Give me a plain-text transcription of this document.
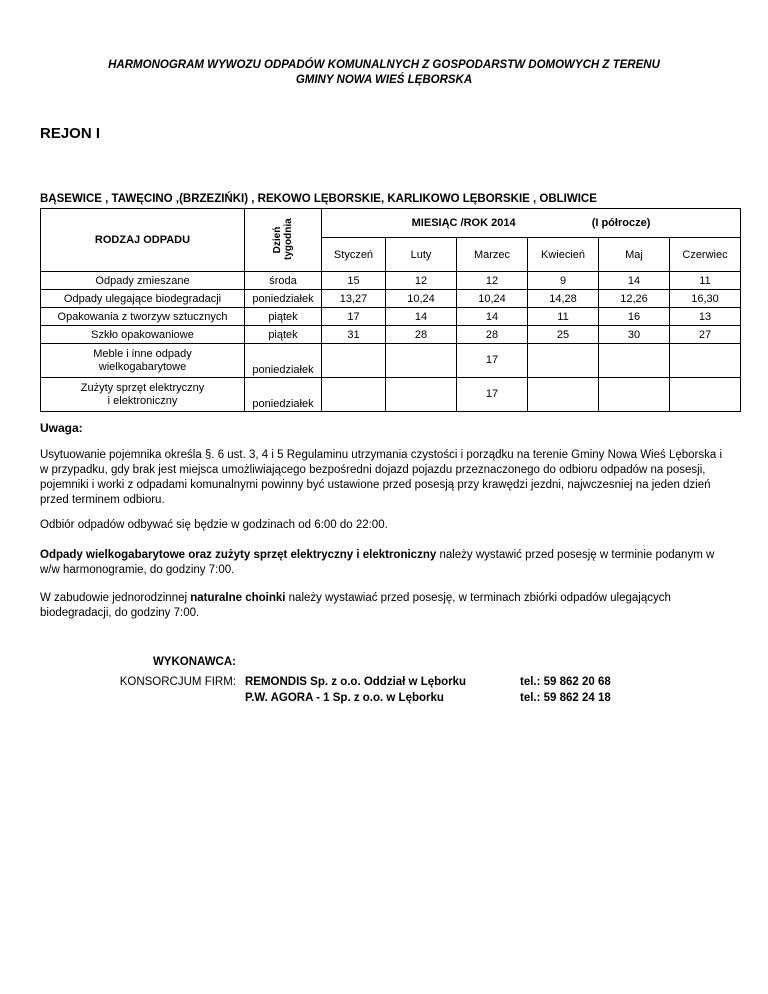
HARMONOGRAM WYWOZU ODPADÓW KOMUNALNYCH Z GOSPODARSTW DOMOWYCH Z TERENU
GMINY NOWA WIEŚ LĘBORSKA
REJON I
BĄSEWICE , TAWĘCINO ,(BRZEZIŃKI) , REKOWO LĘBORSKIE, KARLIKOWO LĘBORSKIE , OBLIWICE
RODZAJ ODPADU	Dzień tygodnia	MIESIĄC /ROK 2014 (I półrocze)					
		Styczeń	Luty	Marzec	Kwiecień	Maj	Czerwiec
Odpady zmieszane	środa	15	12	12	9	14	11
Odpady ulegające biodegradacji	poniedziałek	13,27	10,24	10,24	14,28	12,26	16,30
Opakowania z tworzyw sztucznych	piątek	17	14	14	11	16	13
Szkło opakowaniowe	piątek	31	28	28	25	30	27

Meble i inne odpady
wielkogabarytowe	poniedziałek			17			

Zużyty sprzęt elektryczny
i elektroniczny	poniedziałek			17			
Uwaga:
Usytuowanie pojemnika określa §. 6 ust. 3, 4 i 5 Regulaminu utrzymania czystości i porządku na terenie Gminy Nowa Wieś Lęborska i w przypadku, gdy brak jest miejsca umożliwiającego bezpośredni dojazd pojazdu przeznaczonego do odbioru odpadów na posesji, pojemniki i worki z odpadami komunalnymi powinny być ustawione przed posesją przy krawędzi jezdni, najwczesniej na jeden dzień przed terminem odbioru.
Odbiór odpadów odbywać się będzie w godzinach od 6:00 do 22:00.
Odpady wielkogabarytowe oraz zużyty sprzęt elektryczny i elektroniczny należy wystawić przed posesję w terminie podanym w w/w harmonogramie, do godziny 7:00.
W zabudowie jednorodzinnej naturalne choinki należy wystawiać przed posesję, w terminach zbiórki odpadów ulegających biodegradacji, do godziny 7:00.
WYKONAWCA:
KONSORCJUM FIRM: REMONDIS Sp. z o.o. Oddział w Lęborku
P.W. AGORA - 1 Sp. z o.o. w Lęborku
tel.: 59 862 20 68
tel.: 59 862 24 18
